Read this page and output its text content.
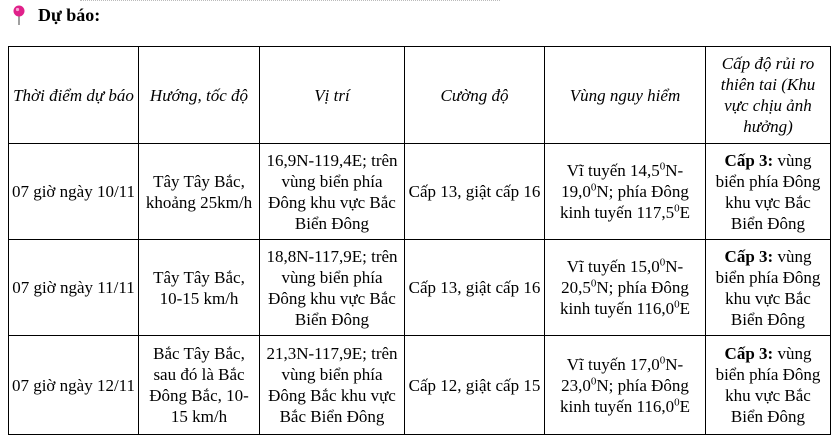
Dự báo:
Thời điểm dự báo	Hướng, tốc độ	Vị trí	Cường độ	Vùng nguy hiểm	Cấp độ rủi ro thiên tai (Khu vực chịu ảnh hưởng)
07 giờ ngày 10/11	Tây Tây Bắc, khoảng 25km/h	16,9N-119,4E; trên vùng biển phía Đông khu vực Bắc Biển Đông	Cấp 13, giật cấp 16	Vĩ tuyến 14,5$^0$N-19,0$^0$N; phía Đông kinh tuyến 117,5$^0$E	Cấp 3: vùng biển phía Đông khu vực Bắc Biển Đông
07 giờ ngày 11/11	Tây Tây Bắc, 10-15 km/h	18,8N-117,9E; trên vùng biển phía Đông khu vực Bắc Biển Đông	Cấp 13, giật cấp 16	Vĩ tuyến 15,0$^0$N-20,5$^0$N; phía Đông kinh tuyến 116,0$^0$E	Cấp 3: vùng biển phía Đông khu vực Bắc Biển Đông
07 giờ ngày 12/11	Bắc Tây Bắc, sau đó là Bắc Đông Bắc, 10-15 km/h	21,3N-117,9E; trên vùng biển phía Đông Bắc khu vực Bắc Biển Đông	Cấp 12, giật cấp 15	Vĩ tuyến 17,0$^0$N-23,0$^0$N; phía Đông kinh tuyến 116,0$^0$E	Cấp 3: vùng biển phía Đông khu vực Bắc Biển Đông
